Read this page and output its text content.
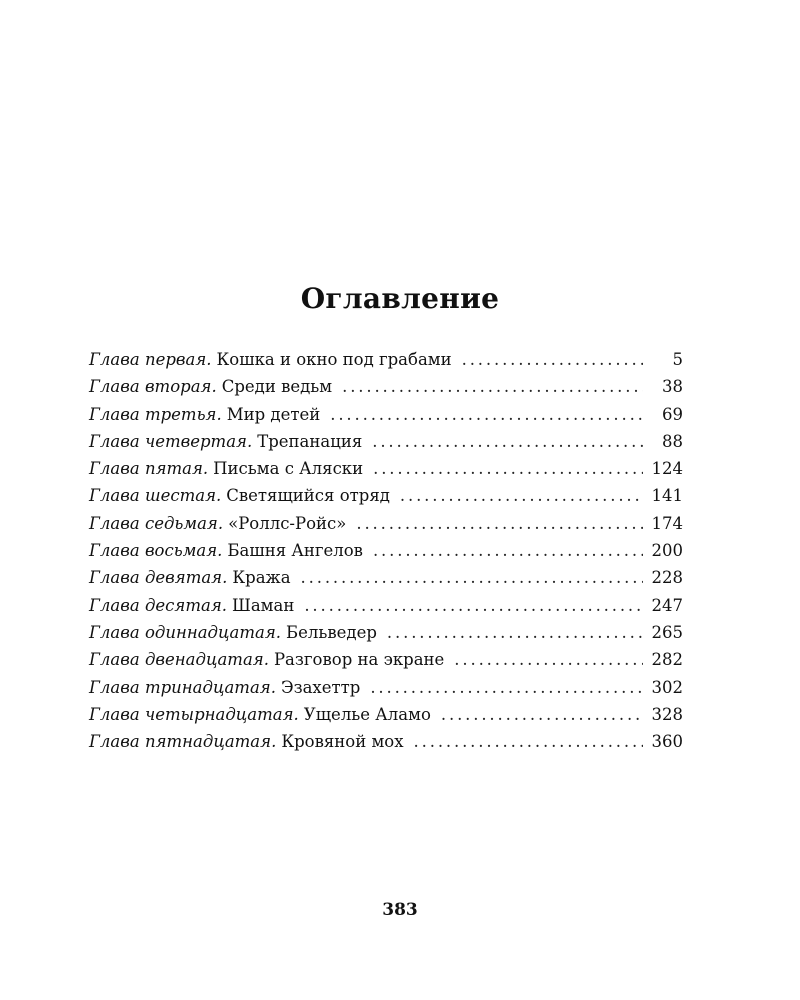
Оглавление
Глава первая. Кошка и окно под грабами . . .	5
Глава вторая. Среди ведьм . . .	38
Глава третья. Мир детей . . .	69
Глава четвертая. Трепанация . . .	88
Глава пятая. Письма с Аляски . . .	124
Глава шестая. Светящийся отряд . . .	141
Глава седьмая. «Роллс-Ройс» . . .	174
Глава восьмая. Башня Ангелов . . .	200
Глава девятая. Кража . . .	228
Глава десятая. Шаман . . .	247
Глава одиннадцатая. Бельведер . . .	265
Глава двенадцатая. Разговор на экране . . .	282
Глава тринадцатая. Эзахеттр . . .	302
Глава четырнадцатая. Ущелье Аламо . . .	328
Глава пятнадцатая. Кровяной мох . . .	360
383
